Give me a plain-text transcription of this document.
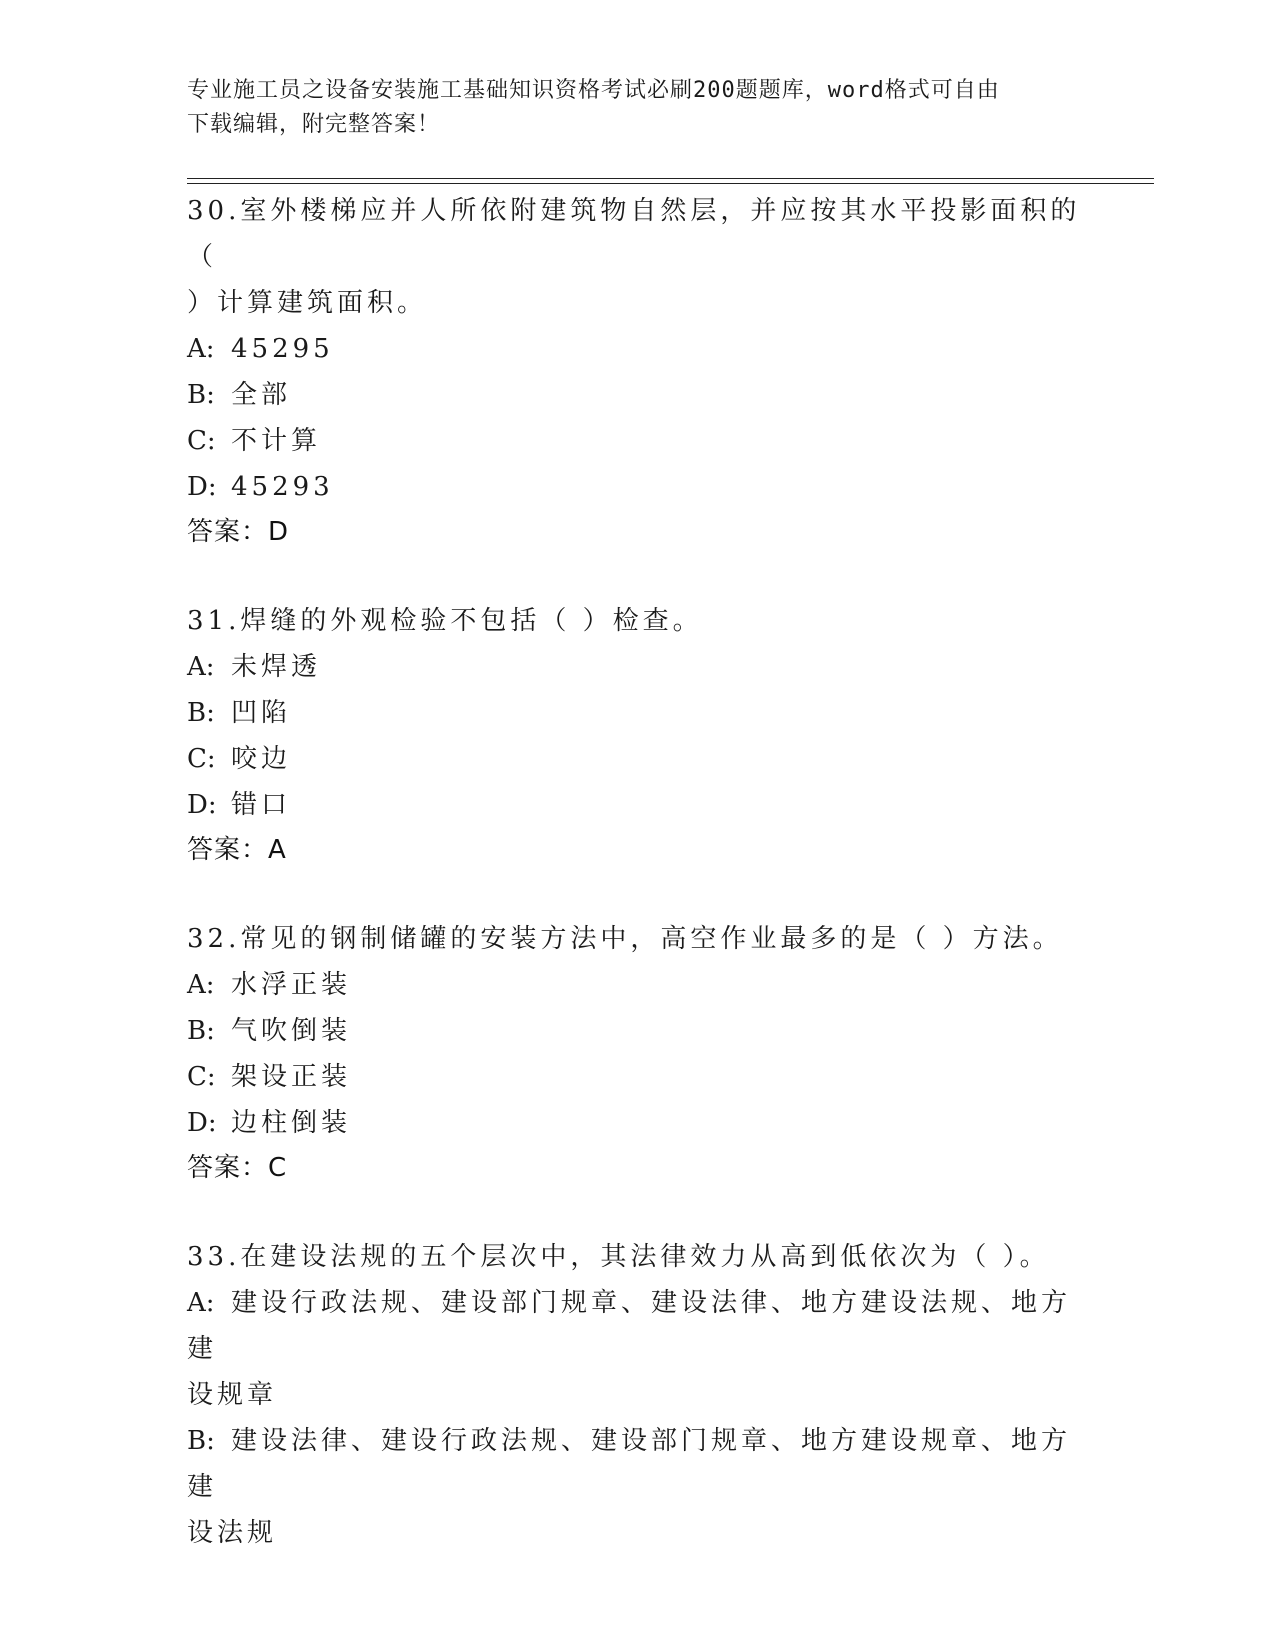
专业施工员之设备安装施工基础知识资格考试必刷200题题库，word格式可自由
下载编辑，附完整答案！
30.室外楼梯应并人所依附建筑物自然层，并应按其水平投影面积的（
）计算建筑面积。
A: 45295
B: 全部
C: 不计算
D: 45293
答案：D
31.焊缝的外观检验不包括（ ）检查。
A: 未焊透
B: 凹陷
C: 咬边
D: 错口
答案：A
32.常见的钢制储罐的安装方法中，高空作业最多的是（ ）方法。
A: 水浮正装
B: 气吹倒装
C: 架设正装
D: 边柱倒装
答案：C
33.在建设法规的五个层次中，其法律效力从高到低依次为（ ）。
A: 建设行政法规、建设部门规章、建设法律、地方建设法规、地方建
设规章
B: 建设法律、建设行政法规、建设部门规章、地方建设规章、地方建
设法规
